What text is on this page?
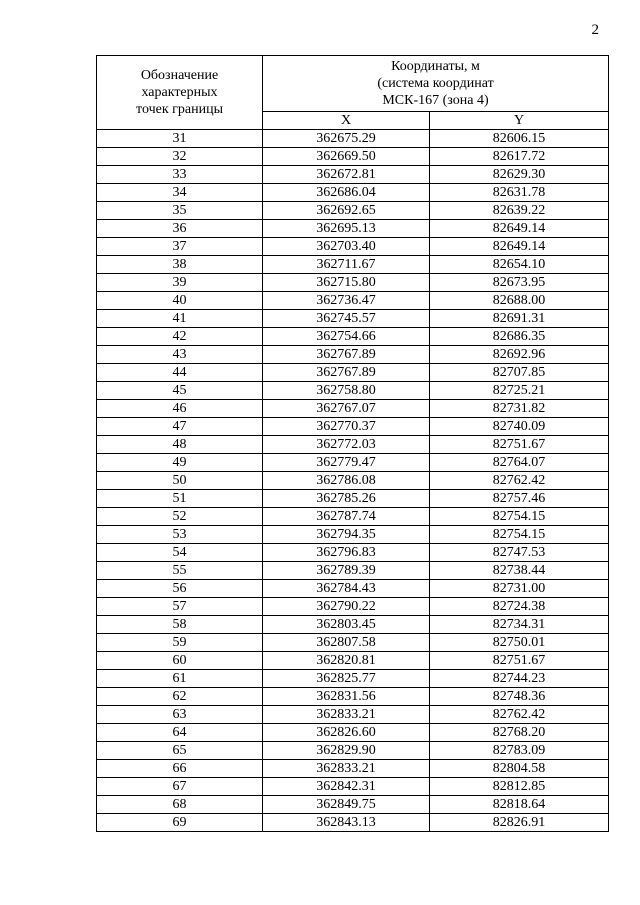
2
Обозначение
характерных
точек границы	Координаты, м
(система координат
МСК-167 (зона 4)	

	X	Y
31	362675.29	82606.15
32	362669.50	82617.72
33	362672.81	82629.30
34	362686.04	82631.78
35	362692.65	82639.22
36	362695.13	82649.14
37	362703.40	82649.14
38	362711.67	82654.10
39	362715.80	82673.95
40	362736.47	82688.00
41	362745.57	82691.31
42	362754.66	82686.35
43	362767.89	82692.96
44	362767.89	82707.85
45	362758.80	82725.21
46	362767.07	82731.82
47	362770.37	82740.09
48	362772.03	82751.67
49	362779.47	82764.07
50	362786.08	82762.42
51	362785.26	82757.46
52	362787.74	82754.15
53	362794.35	82754.15
54	362796.83	82747.53
55	362789.39	82738.44
56	362784.43	82731.00
57	362790.22	82724.38
58	362803.45	82734.31
59	362807.58	82750.01
60	362820.81	82751.67
61	362825.77	82744.23
62	362831.56	82748.36
63	362833.21	82762.42
64	362826.60	82768.20
65	362829.90	82783.09
66	362833.21	82804.58
67	362842.31	82812.85
68	362849.75	82818.64
69	362843.13	82826.91
